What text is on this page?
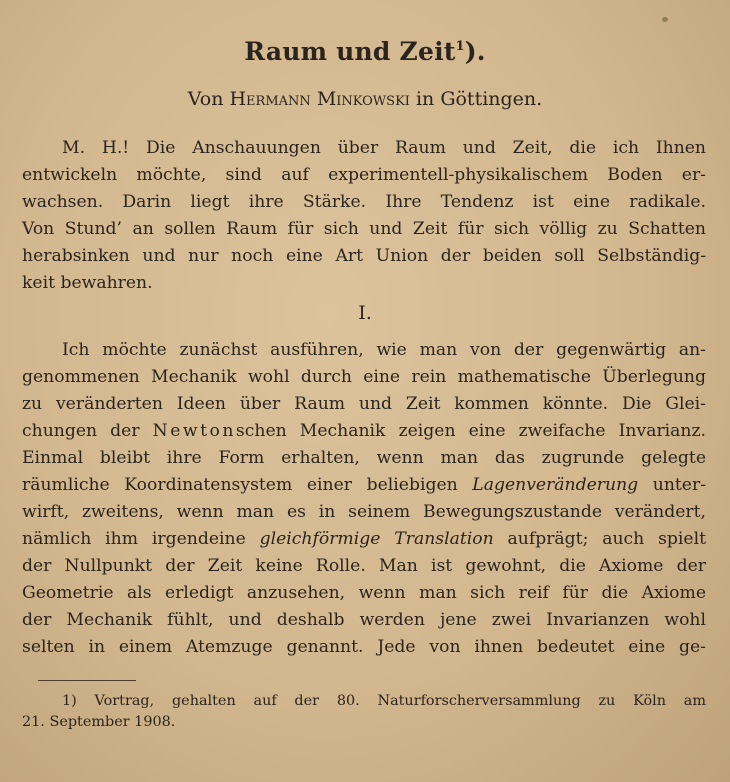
Raum und Zeit$^1$).
Von Hermann Minkowski in Göttingen.
M. H.! Die Anschauungen über Raum und Zeit, die ich Ihnen
entwickeln möchte, sind auf experimentell-physikalischem Boden er-
wachsen. Darin liegt ihre Stärke. Ihre Tendenz ist eine radikale.
Von Stund’ an sollen Raum für sich und Zeit für sich völlig zu Schatten
herabsinken und nur noch eine Art Union der beiden soll Selbständig-
keit bewahren.
I.
Ich möchte zunächst ausführen, wie man von der gegenwärtig an-
genommenen Mechanik wohl durch eine rein mathematische Überlegung
zu veränderten Ideen über Raum und Zeit kommen könnte. Die Glei-
chungen der Newtonschen Mechanik zeigen eine zweifache Invarianz.
Einmal bleibt ihre Form erhalten, wenn man das zugrunde gelegte
räumliche Koordinatensystem einer beliebigen Lagenveränderung unter-
wirft, zweitens, wenn man es in seinem Bewegungszustande verändert,
nämlich ihm irgendeine gleichförmige Translation aufprägt; auch spielt
der Nullpunkt der Zeit keine Rolle. Man ist gewohnt, die Axiome der
Geometrie als erledigt anzusehen, wenn man sich reif für die Axiome
der Mechanik fühlt, und deshalb werden jene zwei Invarianzen wohl
selten in einem Atemzuge genannt. Jede von ihnen bedeutet eine ge-
1) Vortrag, gehalten auf der 80. Naturforscherversammlung zu Köln am
21. September 1908.
